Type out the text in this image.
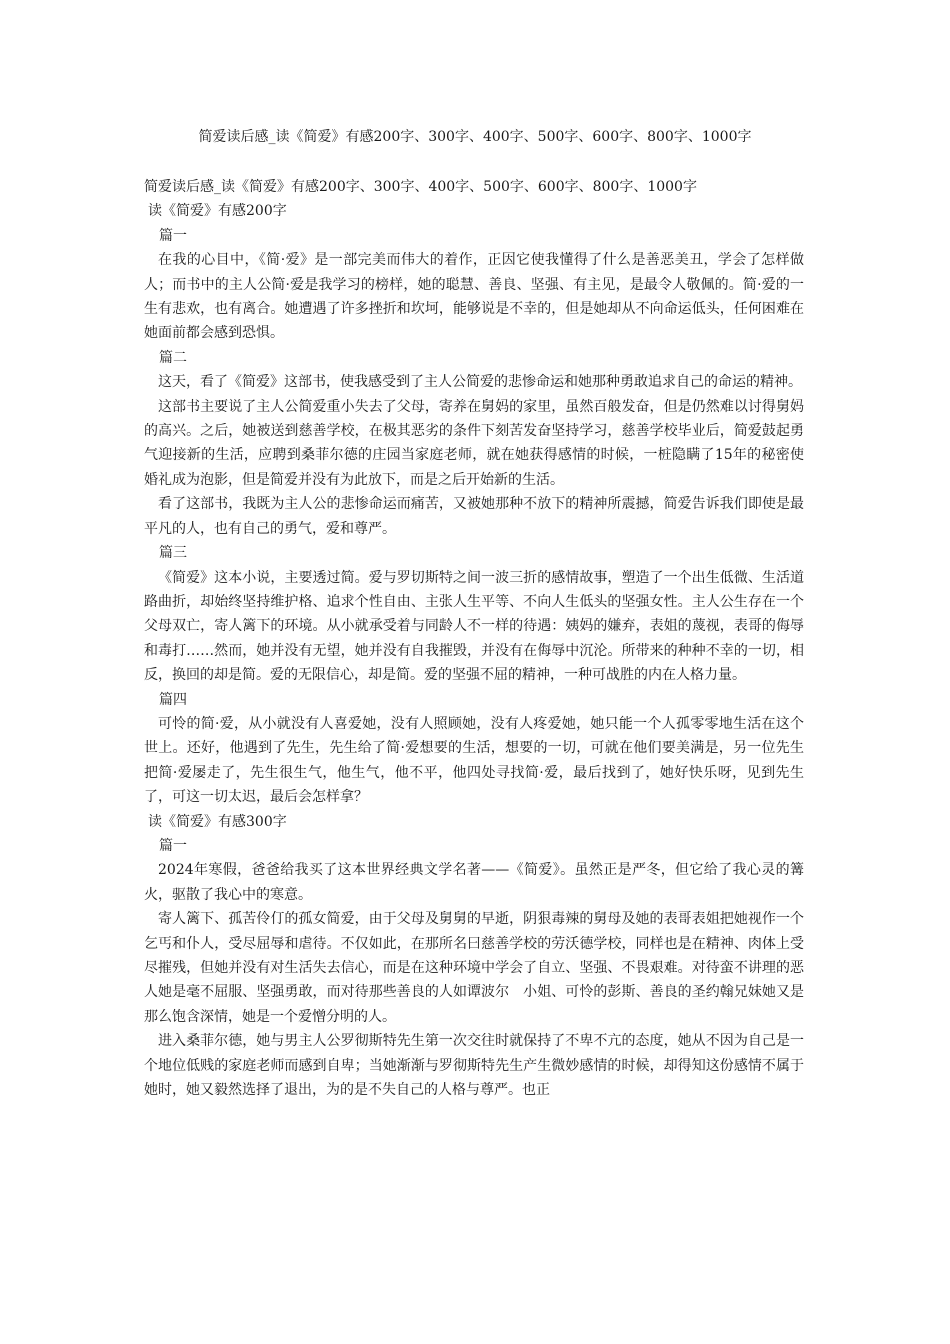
简爱读后感_读《简爱》有感200字、300字、400字、500字、600字、800字、1000字

简爱读后感_读《简爱》有感200字、300字、400字、500字、600字、800字、1000字

读《简爱》有感200字

篇一

在我的心目中，《简·爱》是一部完美而伟大的着作，正因它使我懂得了什么是善恶美丑，学会了怎样做人；而书中的主人公简·爱是我学习的榜样，她的聪慧、善良、坚强、有主见，是最令人敬佩的。简·爱的一生有悲欢，也有离合。她遭遇了许多挫折和坎坷，能够说是不幸的，但是她却从不向命运低头，任何困难在她面前都会感到恐惧。

篇二

这天，看了《简爱》这部书，使我感受到了主人公简爱的悲惨命运和她那种勇敢追求自己的命运的精神。

这部书主要说了主人公简爱重小失去了父母，寄养在舅妈的家里，虽然百般发奋，但是仍然难以讨得舅妈的高兴。之后，她被送到慈善学校，在极其恶劣的条件下刻苦发奋坚持学习，慈善学校毕业后，简爱鼓起勇气迎接新的生活，应聘到桑菲尔德的庄园当家庭老师，就在她获得感情的时候，一桩隐瞒了15年的秘密使婚礼成为泡影，但是简爱并没有为此放下，而是之后开始新的生活。

看了这部书，我既为主人公的悲惨命运而痛苦，又被她那种不放下的精神所震撼，简爱告诉我们即使是最平凡的人，也有自己的勇气，爱和尊严。

篇三

《简爱》这本小说，主要透过简。爱与罗切斯特之间一波三折的感情故事，塑造了一个出生低微、生活道路曲折，却始终坚持维护格、追求个性自由、主张人生平等、不向人生低头的坚强女性。主人公生存在一个父母双亡，寄人篱下的环境。从小就承受着与同龄人不一样的待遇：姨妈的嫌弃，表姐的蔑视，表哥的侮辱和毒打……然而，她并没有无望，她并没有自我摧毁，并没有在侮辱中沉沦。所带来的种种不幸的一切，相反，换回的却是简。爱的无限信心，却是简。爱的坚强不屈的精神，一种可战胜的内在人格力量。

篇四

可怜的简·爱，从小就没有人喜爱她，没有人照顾她，没有人疼爱她，她只能一个人孤零零地生活在这个世上。还好，他遇到了先生，先生给了简·爱想要的生活，想要的一切，可就在他们要美满是，另一位先生把简·爱屡走了，先生很生气，他生气，他不平，他四处寻找简·爱，最后找到了，她好快乐呀，见到先生了，可这一切太迟，最后会怎样拿？

读《简爱》有感300字

篇一

2024年寒假，爸爸给我买了这本世界经典文学名著——《简爱》。虽然正是严冬，但它给了我心灵的篝火，驱散了我心中的寒意。

寄人篱下、孤苦伶仃的孤女简爱，由于父母及舅舅的早逝，阴狠毒辣的舅母及她的表哥表姐把她视作一个乞丐和仆人，受尽屈辱和虐待。不仅如此，在那所名曰慈善学校的劳沃德学校，同样也是在精神、肉体上受尽摧残，但她并没有对生活失去信心，而是在这种环境中学会了自立、坚强、不畏艰难。对待蛮不讲理的恶人她是毫不屈服、坚强勇敢，而对待那些善良的人如谭波尔　小姐、可怜的彭斯、善良的圣约翰兄妹她又是那么饱含深情，她是一个爱憎分明的人。

进入桑菲尔德，她与男主人公罗彻斯特先生第一次交往时就保持了不卑不亢的态度，她从不因为自己是一个地位低贱的家庭老师而感到自卑；当她渐渐与罗彻斯特先生产生微妙感情的时候，却得知这份感情不属于她时，她又毅然选择了退出，为的是不失自己的人格与尊严。也正
